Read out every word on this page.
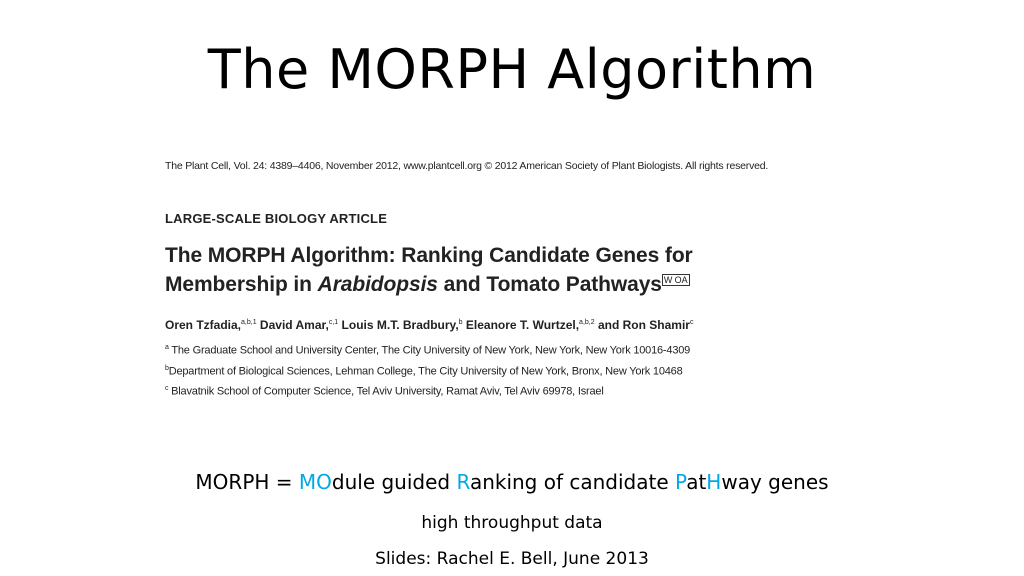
The MORPH Algorithm
The Plant Cell, Vol. 24: 4389–4406, November 2012, www.plantcell.org © 2012 American Society of Plant Biologists. All rights reserved.
LARGE-SCALE BIOLOGY ARTICLE
The MORPH Algorithm: Ranking Candidate Genes for
Membership in Arabidopsis and Tomato Pathways $^{W OA}$
Oren Tzfadia,$^{a,b,1}$ David Amar,$^{c,1}$ Louis M.T. Bradbury,$^b$ Eleanore T. Wurtzel,$^{a,b,2}$ and Ron Shamir$^c$
$^a$ The Graduate School and University Center, The City University of New York, New York, New York 10016-4309
$^b$Department of Biological Sciences, Lehman College, The City University of New York, Bronx, New York 10468
$^c$ Blavatnik School of Computer Science, Tel Aviv University, Ramat Aviv, Tel Aviv 69978, Israel
MORPH = MOdule guided Ranking of candidate PatHway genes
high throughput data
Slides: Rachel E. Bell, June 2013
